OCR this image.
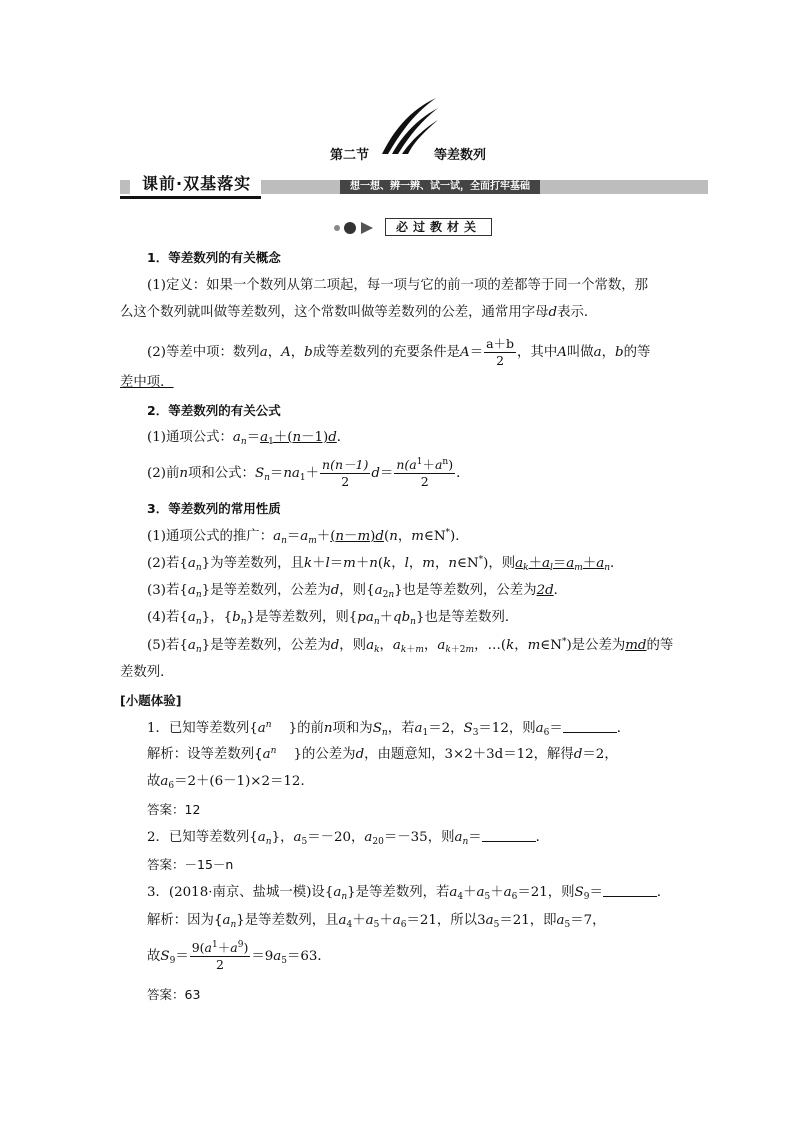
第二节	等差数列
课前·双基落实	想一想、辨一辨、试一试，全面打牢基础
必过教材关
1．等差数列的有关概念
(1)定义：如果一个数列从第二项起，每一项与它的前一项的差都等于同一个常数，那
么这个数列就叫做等差数列，这个常数叫做等差数列的公差，通常用字母d表示．
(2)等差中项：数列a，A，b成等差数列的充要条件是$A= \frac{a+b}{2}$ ，其中A叫做a，b的等
差中项．
2．等差数列的有关公式
(1)通项公式：$a_n=a_1+(n-1)d$．
(2)前n项和公式：$S_n=na_1+ \frac{n(n-1)}{2} d= \frac{n(a^1+a^n)}{2}$ ．
3．等差数列的常用性质
(1)通项公式的推广：$a_n=a_m+(n-m)d(n$，m∈N*)．
(2)若$\{a_n\}$为等差数列，且k＋l＝m＋n(k，l，m，n∈N*)，则$a_k+a_l=a_m+a_n$．
(3)若$\{a_n\}$是等差数列，公差为d，则$\{a_{2n}\}$也是等差数列，公差为2d．
(4)若$\{a_n\}$，$\{b_n\}$是等差数列，则$\{pa_n+qb_n\}$也是等差数列．
(5)若$\{a_n\}$是等差数列，公差为d，则$a_k$，$a_{k+m}$，$a_{k+2m}$，…(k，m∈N*)是公差为md的等
差数列．
[小题体验]
1．已知等差数列{$a^n$ }的前n项和为$S_n$，若$a_1=2$，$S_3=12$，则$a_6=$	．
解析：设等差数列{$a^n$ }的公差为d，由题意知，3×2＋3d＝12，解得d＝2，
故$a_6=2+(6-1)\times 2=12$．
答案：12
2．已知等差数列$\{a_n\}$，$a_5=-20$，$a_{20}=-35$，则$a_n=$	．
答案：－15－n
3．(2018·南京、盐城一模)设$\{a_n\}$是等差数列，若$a_4+a_5+a_6=21$，则$S_9=$	．
解析：因为$\{a_n\}$是等差数列，且$a_4+a_5+a_6=21$，所以$3a_5=21$，即$a_5=7$，
故$S_9= \frac{9(a^1+a^9)}{2} =9a_5=63$．
答案：63
